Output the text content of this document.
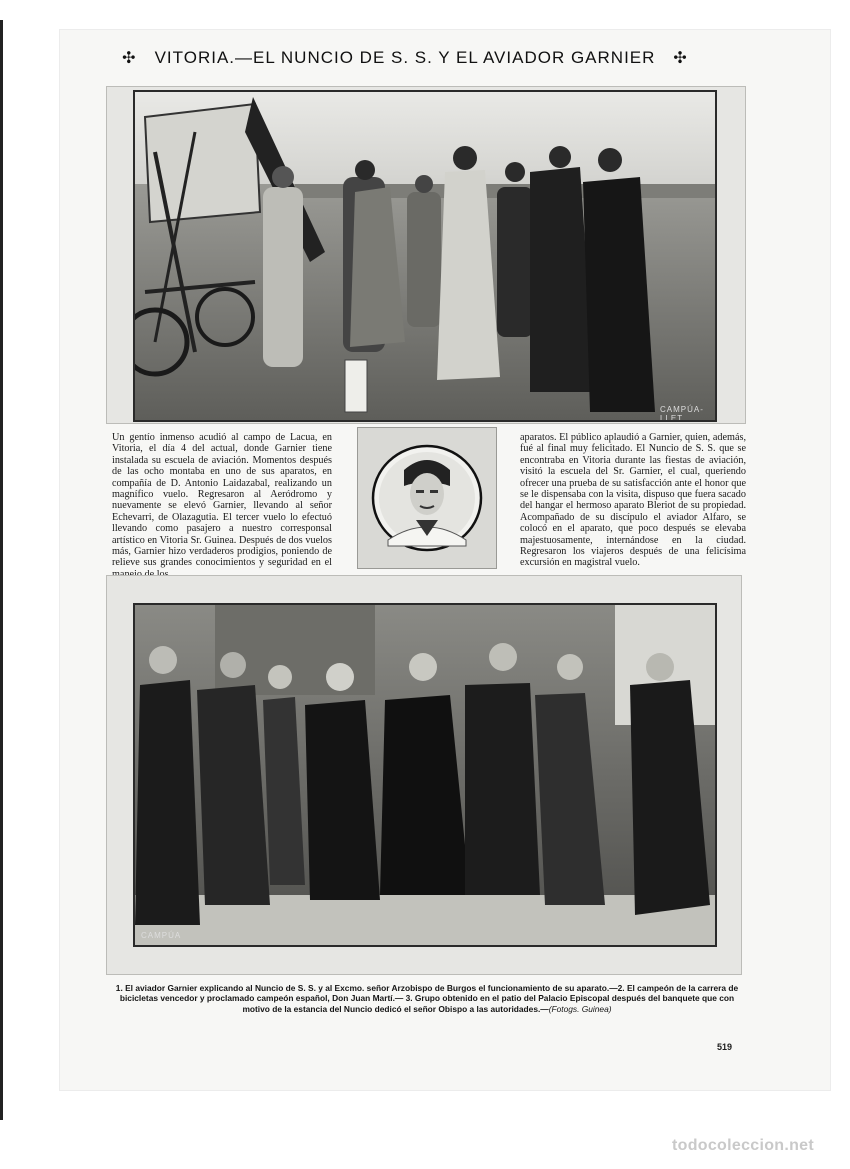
✣ VITORIA.—EL NUNCIO DE S. S. Y EL AVIADOR GARNIER ✣
CAMPÚA-LLET
Un gentío inmenso acudió al campo de Lacua, en Vitoria, el día 4 del actual, donde Garnier tiene instalada su escuela de aviación. Momentos después de las ocho montaba en uno de sus aparatos, en compañía de D. Antonio Laidazabal, realizando un magnífico vuelo. Regresaron al Aeródromo y nuevamente se elevó Garnier, llevando al señor Echevarri, de Olazagutia. El tercer vuelo lo efectuó llevando como pasajero a nuestro corresponsal artístico en Vitoria Sr. Guinea. Después de dos vuelos más, Garnier hizo verdaderos prodigios, poniendo de relieve sus grandes conocimientos y seguridad en el
aparatos. El público aplaudió a Garnier, quien, además, fué al final muy felicitado. El Nuncio de S. S. que se encontraba en Vitoria durante las fiestas de aviación, visitó la escuela del Sr. Garnier, el cual, queriendo ofrecer una prueba de su satisfacción ante el honor que se le dispensaba con la visita, dispuso que fuera sacado del hangar el hermoso aparato Bleriot de su propiedad. Acompañado de su discípulo el aviador Alfaro, se colocó en el aparato, que poco después se elevaba majestuosamente, internándose en la ciudad. Regresaron los viajeros después de una felicísima excursión en magistral vuelo.
CAMPÚA
1. El aviador Garnier explicando al Nuncio de S. S. y al Excmo. señor Arzobispo de Burgos el funcionamiento de su aparato.—2. El campeón de la carrera de bicicletas vencedor y proclamado campeón español, Don Juan Martí.— 3. Grupo obtenido en el patio del Palacio Episcopal después del banquete que con motivo de la estancia del Nuncio dedicó el señor Obispo a las autoridades.—(Fotogs. Guinea)
519
todocoleccion.net
